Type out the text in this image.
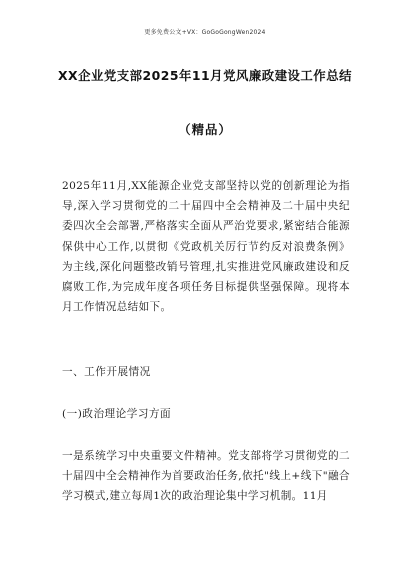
更多免费公文+VX：GoGoGongWen2024
XX企业党支部2025年11月党风廉政建设工作总结
（精品）

2025年11月,XX能源企业党支部坚持以党的创新理论为指导,深入学习贯彻党的二十届四中全会精神及二十届中央纪委四次全会部署,严格落实全面从严治党要求,紧密结合能源保供中心工作,以贯彻《党政机关厉行节约反对浪费条例》为主线,深化问题整改销号管理,扎实推进党风廉政建设和反腐败工作,为完成年度各项任务目标提供坚强保障。现将本月工作情况总结如下。

一、工作开展情况
(一)政治理论学习方面

一是系统学习中央重要文件精神。党支部将学习贯彻党的二十届四中全会精神作为首要政治任务,依托"线上+线下"融合学习模式,建立每周1次的政治理论集中学习机制。11月
